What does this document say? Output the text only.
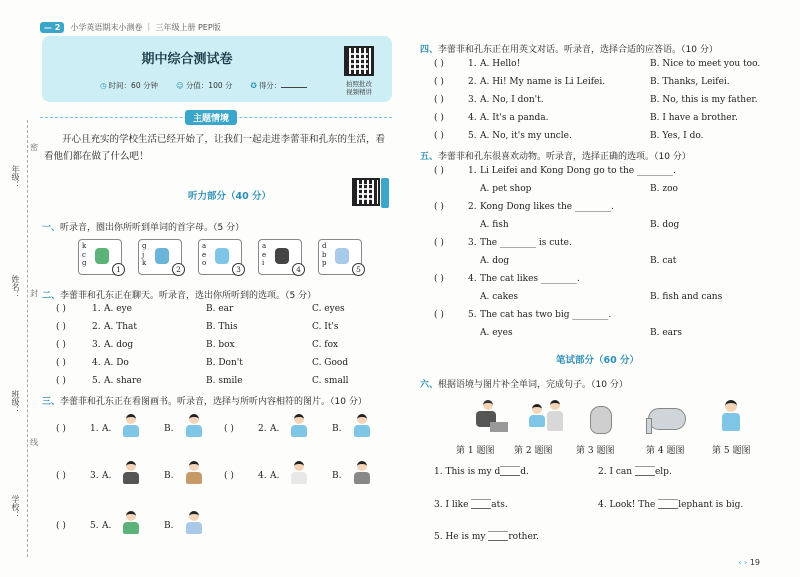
— 2	小学英语期末小测卷 ｜ 三年级上册 PEP版
期中综合测试卷
◷ 时间：60 分钟 ☺ 分值：100 分 ✪ 得分：	拍照批改
视频精讲
年级：
姓名：
班级：
学校：
密
封
线
主题情境
开心且充实的学校生活已经开始了，让我们一起走进李蕾菲和孔东的生活，看看他们都在做了什么吧！
听力部分（40 分）
一、听录音，圈出你所听到单词的首字母。（5 分）
k
c
g
1
g
j
k
2
a
e
o
3
a
e
i
4
d
b
p
5
二、李蕾菲和孔东正在聊天。听录音，选出你所听到的选项。（5 分）
( )	1. A. eye	B. ear	C. eyes
( )	2. A. That	B. This	C. It's
( )	3. A. dog	B. box	C. fox
( )	4. A. Do	B. Don't	C. Good
( )	5. A. share	B. smile	C. small
三、李蕾菲和孔东正在看图画书。听录音，选择与所听内容相符的图片。（10 分）
( )	1. A.	B.	( )	2. A.	B.
( )	3. A.	B.	( )	4. A.	B.
( )	5. A.	B.
四、李蕾菲和孔东正在用英文对话。听录音，选择合适的应答语。（10 分）
( )	1. A. Hello!	B. Nice to meet you too.
( )	2. A. Hi! My name is Li Leifei.	B. Thanks, Leifei.
( )	3. A. No, I don't.	B. No, this is my father.
( )	4. A. It's a panda.	B. I have a brother.
( )	5. A. No, it's my uncle.	B. Yes, I do.
五、李蕾菲和孔东很喜欢动物。听录音，选择正确的选项。（10 分）
( )	1. Li Leifei and Kong Dong go to the ________.
A. pet shop	B. zoo
( )	2. Kong Dong likes the ________.
A. fish	B. dog
( )	3. The ________ is cute.
A. dog	B. cat
( )	4. The cat likes ________.
A. cakes	B. fish and cans
( )	5. The cat has two big ________.
A. eyes	B. ears
笔试部分（60 分）
六、根据语境与图片补全单词，完成句子。（10 分）
第 1 题图 第 2 题图	第 3 题图	第 4 题图	第 5 题图
1. This is my d d.	2. I can	elp.
3. I like	ats.	4. Look! The	lephant is big.
5. He is my	rother.
‹ › 19
